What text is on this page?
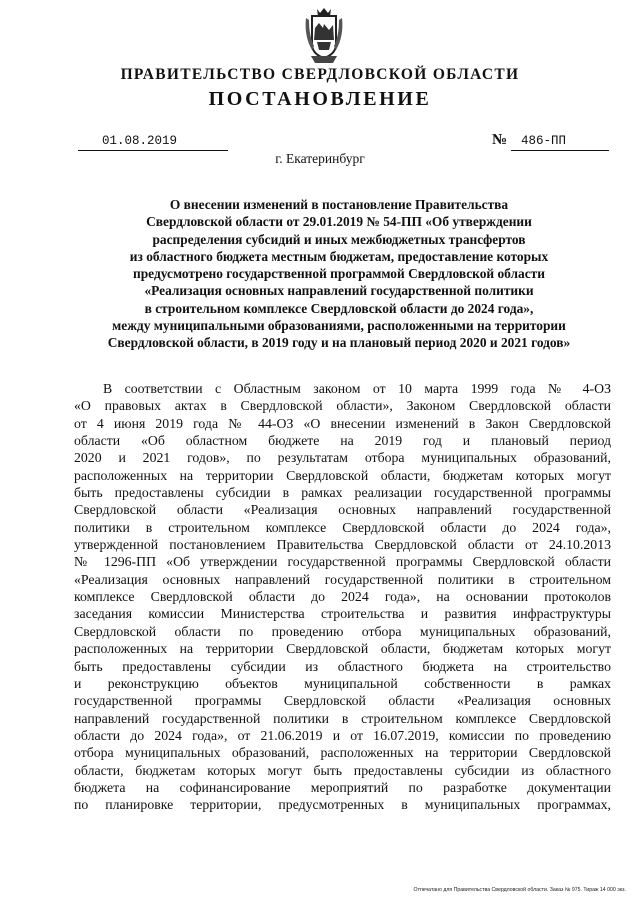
ПРАВИТЕЛЬСТВО СВЕРДЛОВСКОЙ ОБЛАСТИ
ПОСТАНОВЛЕНИЕ
01.08.2019	№ 486-ПП
г. Екатеринбург
О внесении изменений в постановление Правительства
Свердловской области от 29.01.2019 № 54-ПП «Об утверждении
распределения субсидий и иных межбюджетных трансфертов
из областного бюджета местным бюджетам, предоставление которых
предусмотрено государственной программой Свердловской области
«Реализация основных направлений государственной политики
в строительном комплексе Свердловской области до 2024 года»,
между муниципальными образованиями, расположенными на территории
Свердловской области, в 2019 году и на плановый период 2020 и 2021 годов»
В соответствии с Областным законом от 10 марта 1999 года № 4-ОЗ
«О правовых актах в Свердловской области», Законом Свердловской области
от 4 июня 2019 года № 44-ОЗ «О внесении изменений в Закон Свердловской
области «Об областном бюджете на 2019 год и плановый период
2020 и 2021 годов», по результатам отбора муниципальных образований,
расположенных на территории Свердловской области, бюджетам которых могут
быть предоставлены субсидии в рамках реализации государственной программы
Свердловской области «Реализация основных направлений государственной
политики в строительном комплексе Свердловской области до 2024 года»,
утвержденной постановлением Правительства Свердловской области от 24.10.2013
№ 1296-ПП «Об утверждении государственной программы Свердловской области
«Реализация основных направлений государственной политики в строительном
комплексе Свердловской области до 2024 года», на основании протоколов
заседания комиссии Министерства строительства и развития инфраструктуры
Свердловской области по проведению отбора муниципальных образований,
расположенных на территории Свердловской области, бюджетам которых могут
быть предоставлены субсидии из областного бюджета на строительство
и реконструкцию объектов муниципальной собственности в рамках
государственной программы Свердловской области «Реализация основных
направлений государственной политики в строительном комплексе Свердловской
области до 2024 года», от 21.06.2019 и от 16.07.2019, комиссии по проведению
отбора муниципальных образований, расположенных на территории Свердловской
области, бюджетам которых могут быть предоставлены субсидии из областного
бюджета на софинансирование мероприятий по разработке документации
по планировке территории, предусмотренных в муниципальных программах,
Отпечатано для Правительства Свердловской области. Заказ № 975. Тираж 14 000 экз.
